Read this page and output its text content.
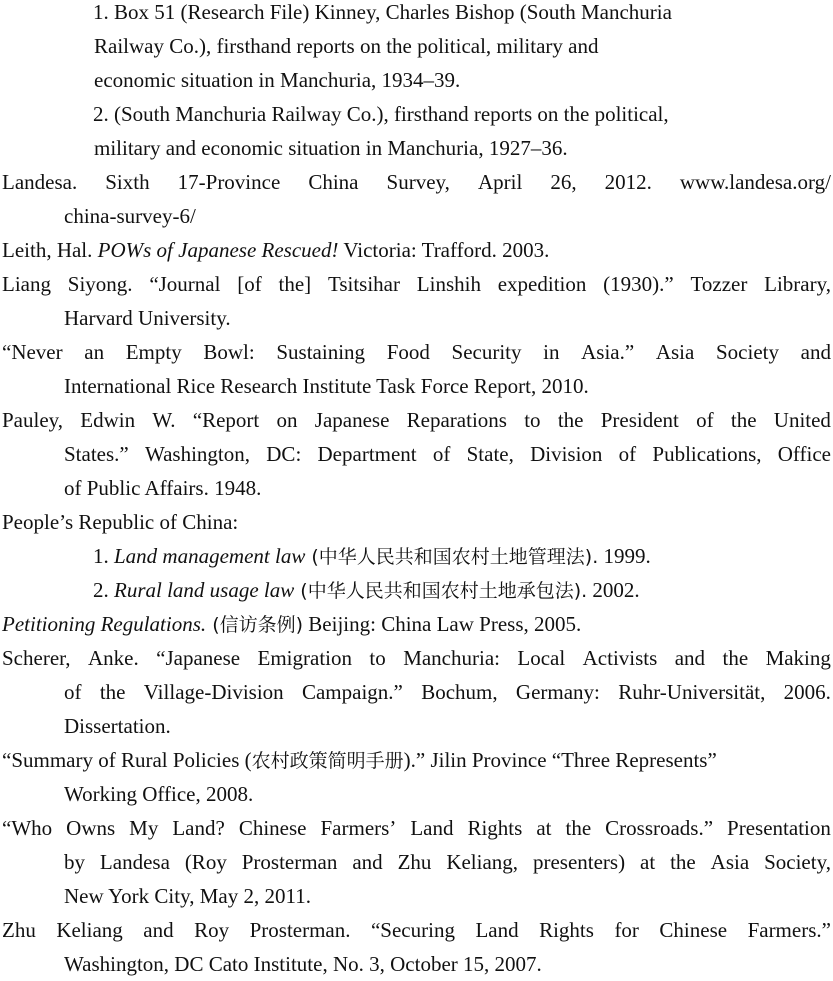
1. Box 51 (Research File) Kinney, Charles Bishop (South Manchuria
Railway Co.), firsthand reports on the political, military and
economic situation in Manchuria, 1934–39.
2. (South Manchuria Railway Co.), firsthand reports on the political,
military and economic situation in Manchuria, 1927–36.
Landesa. Sixth 17-Province China Survey, April 26, 2012. www.landesa.org/
china-survey-6/
Leith, Hal. POWs of Japanese Rescued! Victoria: Trafford. 2003.
Liang Siyong. “Journal [of the] Tsitsihar Linshih expedition (1930).” Tozzer Library,
Harvard University.
“Never an Empty Bowl: Sustaining Food Security in Asia.” Asia Society and
International Rice Research Institute Task Force Report, 2010.
Pauley, Edwin W. “Report on Japanese Reparations to the President of the United
States.” Washington, DC: Department of State, Division of Publications, Office
of Public Affairs. 1948.
People’s Republic of China:
1. Land management law (中华人民共和国农村土地管理法). 1999.
2. Rural land usage law (中华人民共和国农村土地承包法). 2002.
Petitioning Regulations. (信访条例) Beijing: China Law Press, 2005.
Scherer, Anke. “Japanese Emigration to Manchuria: Local Activists and the Making
of the Village-Division Campaign.” Bochum, Germany: Ruhr-Universität, 2006.
Dissertation.
“Summary of Rural Policies (农村政策简明手册).” Jilin Province “Three Represents”
Working Office, 2008.
“Who Owns My Land? Chinese Farmers’ Land Rights at the Crossroads.” Presentation
by Landesa (Roy Prosterman and Zhu Keliang, presenters) at the Asia Society,
New York City, May 2, 2011.
Zhu Keliang and Roy Prosterman. “Securing Land Rights for Chinese Farmers.”
Washington, DC Cato Institute, No. 3, October 15, 2007.
